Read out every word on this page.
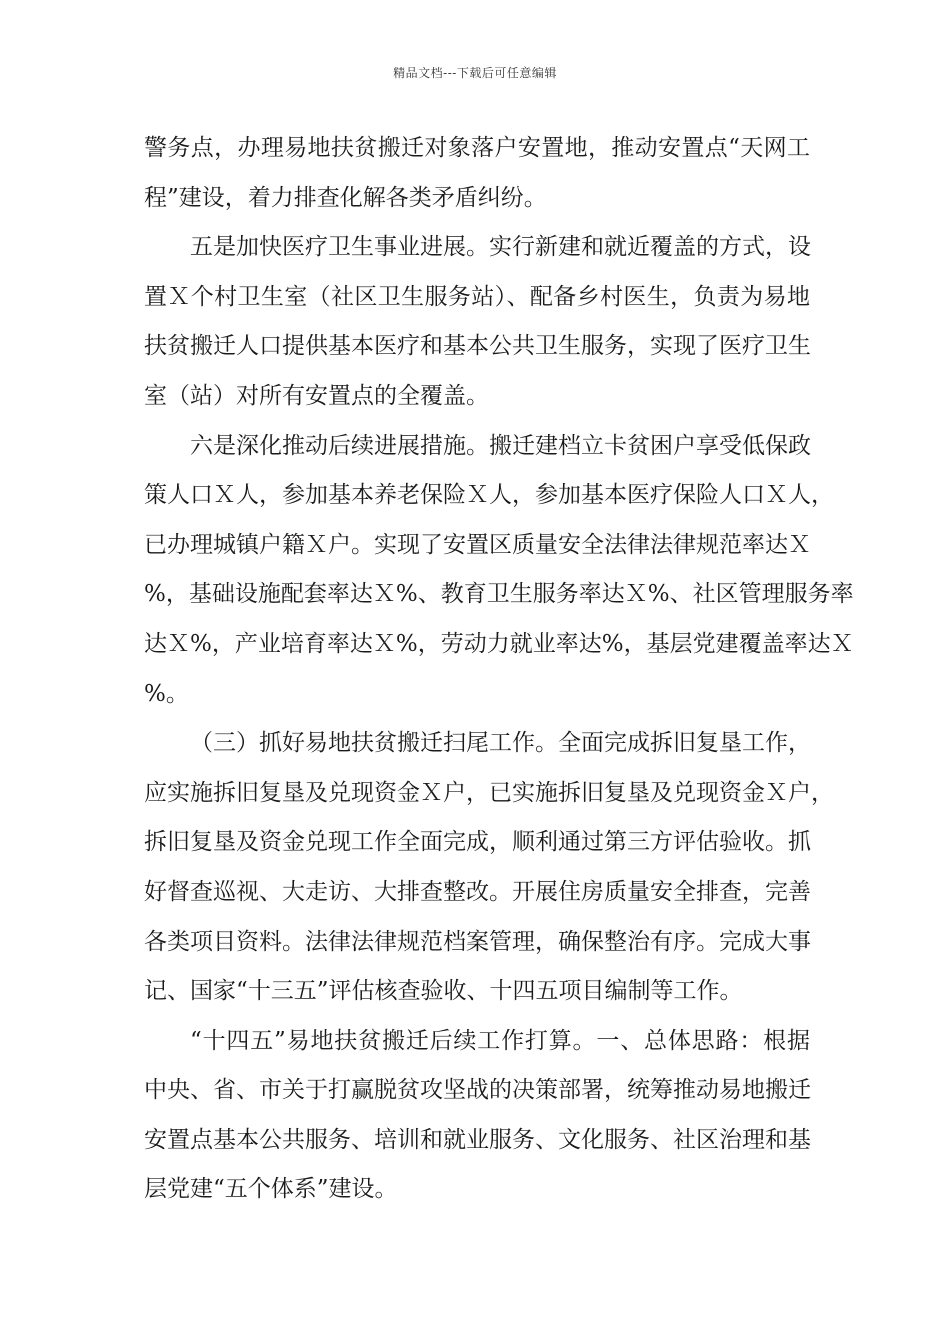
精品文档---下载后可任意编辑
警务点，办理易地扶贫搬迁对象落户安置地，推动安置点“天网工
程”建设，着力排查化解各类矛盾纠纷。
五是加快医疗卫生事业进展。实行新建和就近覆盖的方式，设
置Ｘ个村卫生室（社区卫生服务站）、配备乡村医生，负责为易地
扶贫搬迁人口提供基本医疗和基本公共卫生服务，实现了医疗卫生
室（站）对所有安置点的全覆盖。
六是深化推动后续进展措施。搬迁建档立卡贫困户享受低保政
策人口Ｘ人，参加基本养老保险Ｘ人，参加基本医疗保险人口Ｘ人，
已办理城镇户籍Ｘ户。实现了安置区质量安全法律法律规范率达Ｘ
%，基础设施配套率达Ｘ%、教育卫生服务率达Ｘ%、社区管理服务率
达Ｘ%，产业培育率达Ｘ%，劳动力就业率达%，基层党建覆盖率达Ｘ
%。
（三）抓好易地扶贫搬迁扫尾工作。全面完成拆旧复垦工作，
应实施拆旧复垦及兑现资金Ｘ户，已实施拆旧复垦及兑现资金Ｘ户，
拆旧复垦及资金兑现工作全面完成，顺利通过第三方评估验收。抓
好督查巡视、大走访、大排查整改。开展住房质量安全排查，完善
各类项目资料。法律法律规范档案管理，确保整治有序。完成大事
记、国家“十三五”评估核查验收、十四五项目编制等工作。
“十四五”易地扶贫搬迁后续工作打算。一、总体思路：根据
中央、省、市关于打赢脱贫攻坚战的决策部署，统筹推动易地搬迁
安置点基本公共服务、培训和就业服务、文化服务、社区治理和基
层党建“五个体系”建设。
